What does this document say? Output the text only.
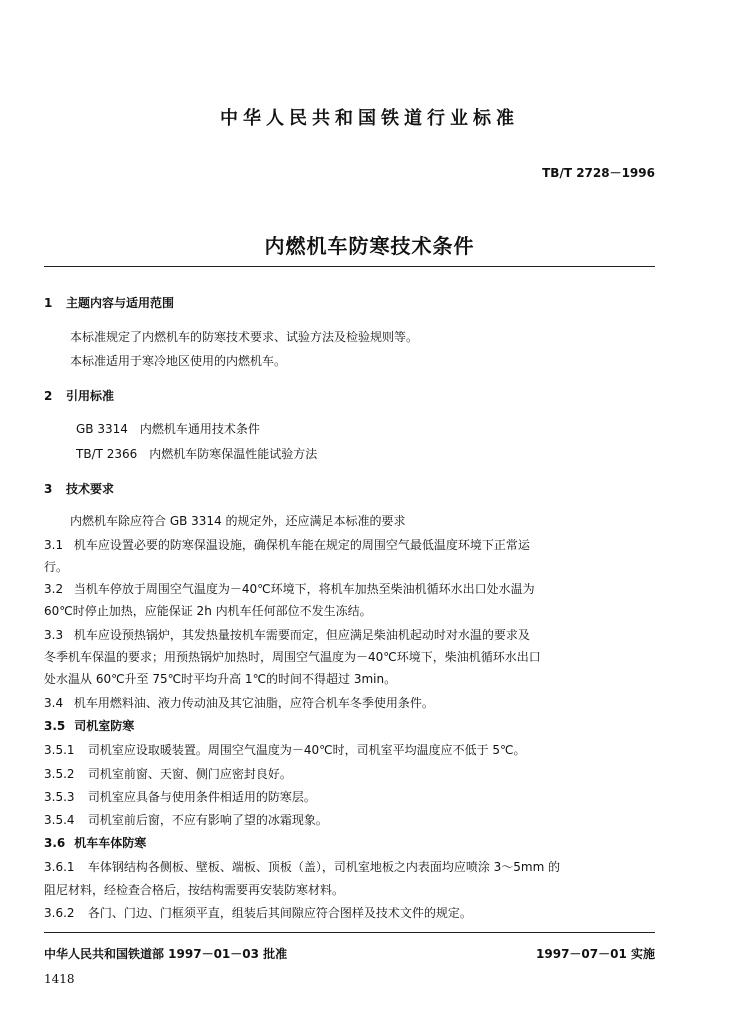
中华人民共和国铁道行业标准
TB/T 2728－1996
内燃机车防寒技术条件
1 主题内容与适用范围
本标准规定了内燃机车的防寒技术要求、试验方法及检验规则等。
本标准适用于寒冷地区使用的内燃机车。
2 引用标准
GB 3314　内燃机车通用技术条件
TB/T 2366　内燃机车防寒保温性能试验方法
3 技术要求
内燃机车除应符合 GB 3314 的规定外，还应满足本标准的要求
3.1 机车应设置必要的防寒保温设施，确保机车能在规定的周围空气最低温度环境下正常运
行。
3.2 当机车停放于周围空气温度为－40℃环境下，将机车加热至柴油机循环水出口处水温为
60℃时停止加热，应能保证 2h 内机车任何部位不发生冻结。
3.3 机车应设预热锅炉，其发热量按机车需要而定，但应满足柴油机起动时对水温的要求及
冬季机车保温的要求；用预热锅炉加热时，周围空气温度为－40℃环境下，柴油机循环水出口
处水温从 60℃升至 75℃时平均升高 1℃的时间不得超过 3min。
3.4 机车用燃料油、液力传动油及其它油脂，应符合机车冬季使用条件。
3.5 司机室防寒
3.5.1 司机室应设取暖装置。周围空气温度为－40℃时，司机室平均温度应不低于 5℃。
3.5.2 司机室前窗、天窗、侧门应密封良好。
3.5.3 司机室应具备与使用条件相适用的防寒层。
3.5.4 司机室前后窗，不应有影响了望的冰霜现象。
3.6 机车车体防寒
3.6.1 车体钢结构各侧板、壁板、端板、顶板（盖），司机室地板之内表面均应喷涂 3～5mm 的
阻尼材料，经检查合格后，按结构需要再安装防寒材料。
3.6.2 各门、门边、门框须平直，组装后其间隙应符合图样及技术文件的规定。
中华人民共和国铁道部 1997－01－03 批准	1997－07－01 实施
1418
